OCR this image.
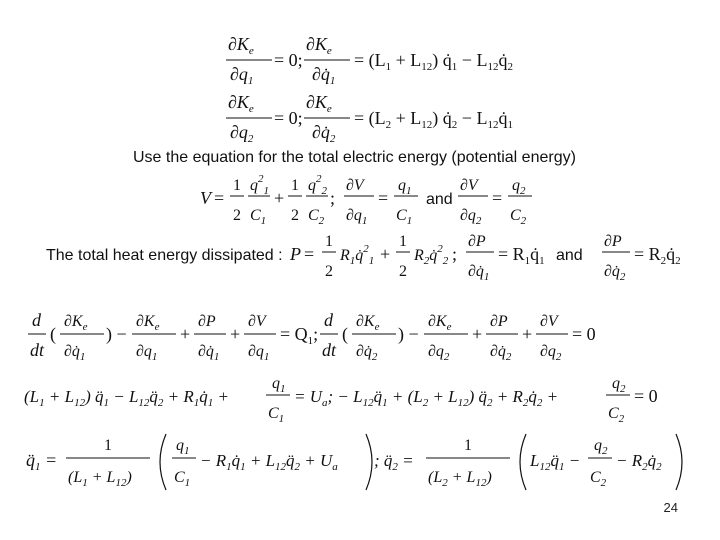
$\partial K_e$
$\partial q_1$
= 0;
$\partial K_e$
$\partial q̇_1$
= $(L_1 + L_{12})$ $q̇_1$ − $L_{12}q̇_2$
$\partial K_e$
$\partial q_2$
= 0;
$\partial K_e$
$\partial q̇_2$
= $(L_2 + L_{12})$ $q̇_2$ − $L_{12}q̇_1$
Use the equation for the total electric energy (potential energy)
V =
1
2
$q^2_1$
$C_1$
+
1
2
$q^2_2$
$C_2$
;
∂V
$\partial q_1$
=
$q_1$
$C_1$
and
∂V
$\partial q_2$
=
$q_2$
$C_2$
The total heat energy dissipated : P =
1
2
$R_1q̇^2_1$ +
1
2
$R_2q̇^2_2$ ;
∂P
$\partial q̇_1$
= $R_1q̇_1$ and
∂P
$\partial q̇_2$
= $R_2q̇_2$
d
dt
(
$\partial K_e$
$\partial q̇_1$
) −
$\partial K_e$
$\partial q_1$
+
∂P
$\partial q̇_1$
+
∂V
$\partial q_1$
= $Q_1$;
d
dt
(
$\partial K_e$
$\partial q̇_2$
) −
$\partial K_e$
$\partial q_2$
+
∂P
$\partial q̇_2$
+
∂V
$\partial q_2$
= 0
$(L_1 + L_{12})$ $q̈_1$ − $L_{12}q̈_2$ + $R_1q̇_1$ +
$q_1$
$C_1$
= $U_a$; − $L_{12}q̈_1 + (L_2 + L_{12})$ $q̈_2$ + $R_2q̇_2$ +
$q_2$
$C_2$
= 0
$q̈_1$ =
1
$(L_1 + L_{12})$
$q_1$
$C_1$
− $R_1q̇_1$ + $L_{12}q̈_2 + U_a$ ; $q̈_2$ =
1
$(L_2 + L_{12})$
$L_{12}q̈_1$ −
$q_2$
$C_2$
− $R_2q̇_2$
24
